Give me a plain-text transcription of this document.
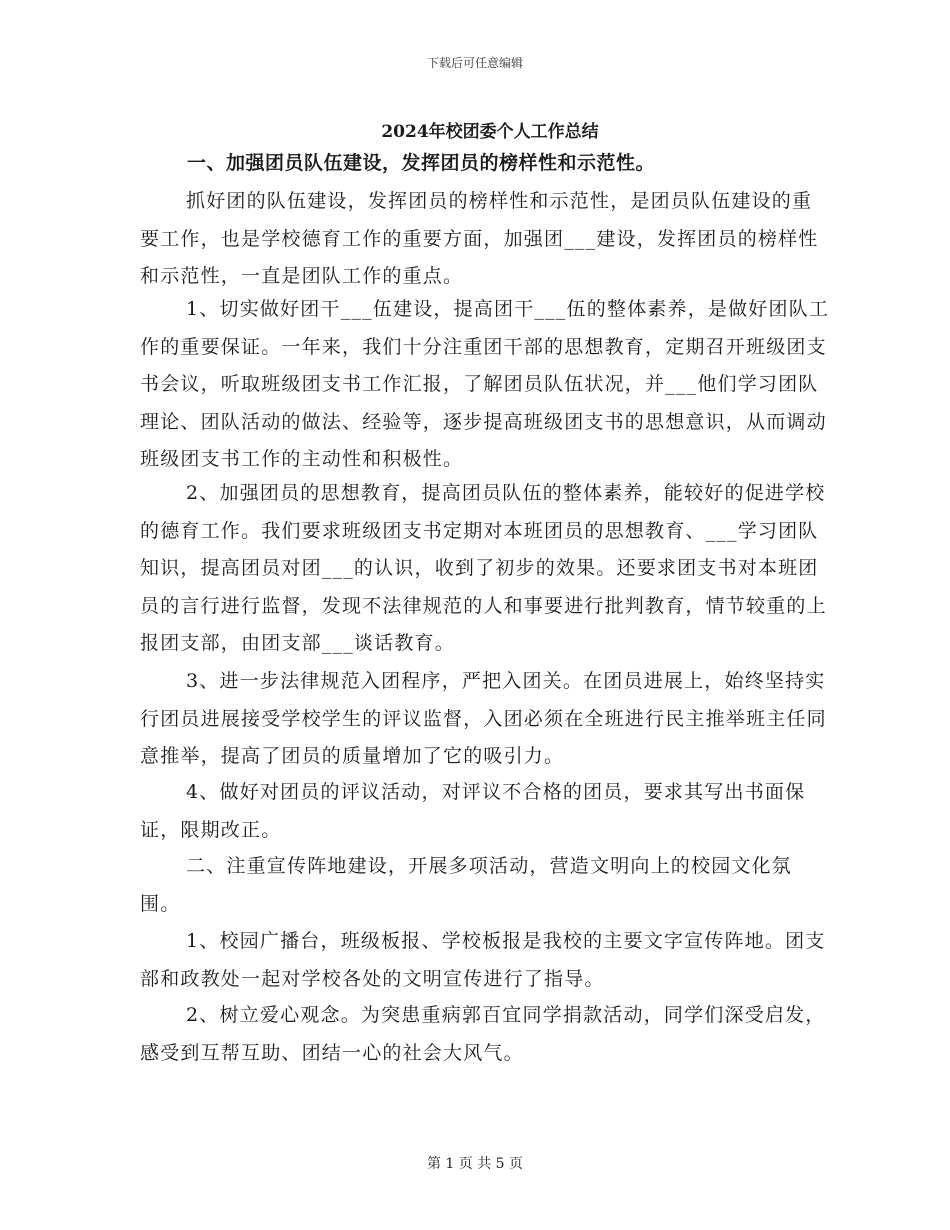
下载后可任意编辑
2024年校团委个人工作总结
一、加强团员队伍建设，发挥团员的榜样性和示范性。

抓好团的队伍建设，发挥团员的榜样性和示范性，是团员队伍建设的重要工作，也是学校德育工作的重要方面，加强团___建设，发挥团员的榜样性和示范性，一直是团队工作的重点。

1、切实做好团干___伍建设，提高团干___伍的整体素养，是做好团队工作的重要保证。一年来，我们十分注重团干部的思想教育，定期召开班级团支书会议，听取班级团支书工作汇报，了解团员队伍状况，并___他们学习团队理论、团队活动的做法、经验等，逐步提高班级团支书的思想意识，从而调动班级团支书工作的主动性和积极性。

2、加强团员的思想教育，提高团员队伍的整体素养，能较好的促进学校的德育工作。我们要求班级团支书定期对本班团员的思想教育、___学习团队知识，提高团员对团___的认识，收到了初步的效果。还要求团支书对本班团员的言行进行监督，发现不法律规范的人和事要进行批判教育，情节较重的上报团支部，由团支部___谈话教育。

3、进一步法律规范入团程序，严把入团关。在团员进展上，始终坚持实行团员进展接受学校学生的评议监督，入团必须在全班进行民主推举班主任同意推举，提高了团员的质量增加了它的吸引力。

4、做好对团员的评议活动，对评议不合格的团员，要求其写出书面保证，限期改正。

二、注重宣传阵地建设，开展多项活动，营造文明向上的校园文化氛围。

1、校园广播台，班级板报、学校板报是我校的主要文字宣传阵地。团支部和政教处一起对学校各处的文明宣传进行了指导。

2、树立爱心观念。为突患重病郭百宜同学捐款活动，同学们深受启发，感受到互帮互助、团结一心的社会大风气。

第 1 页 共 5 页
